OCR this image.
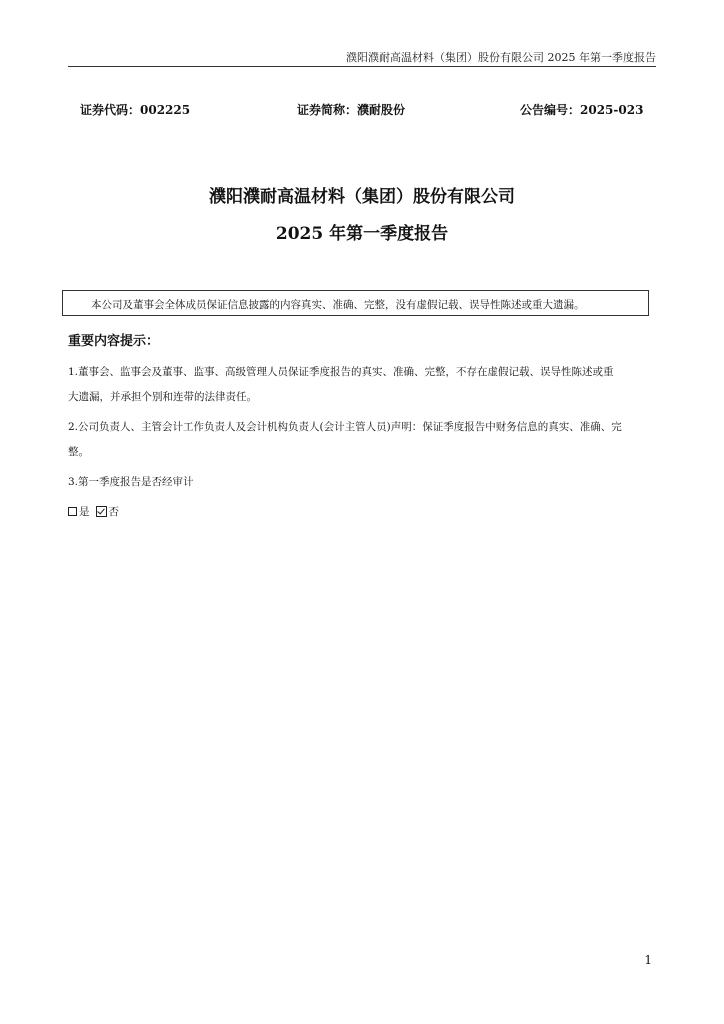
濮阳濮耐高温材料（集团）股份有限公司 2025 年第一季度报告
证券代码：002225	证券简称：濮耐股份	公告编号：2025-023
濮阳濮耐高温材料（集团）股份有限公司
2025 年第一季度报告
本公司及董事会全体成员保证信息披露的内容真实、准确、完整，没有虚假记载、误导性陈述或重大遗漏。
重要内容提示：
1.董事会、监事会及董事、监事、高级管理人员保证季度报告的真实、准确、完整，不存在虚假记载、误导性陈述或重
大遗漏，并承担个别和连带的法律责任。
2.公司负责人、主管会计工作负责人及会计机构负责人(会计主管人员)声明：保证季度报告中财务信息的真实、准确、完
整。
3.第一季度报告是否经审计
是 否
1
